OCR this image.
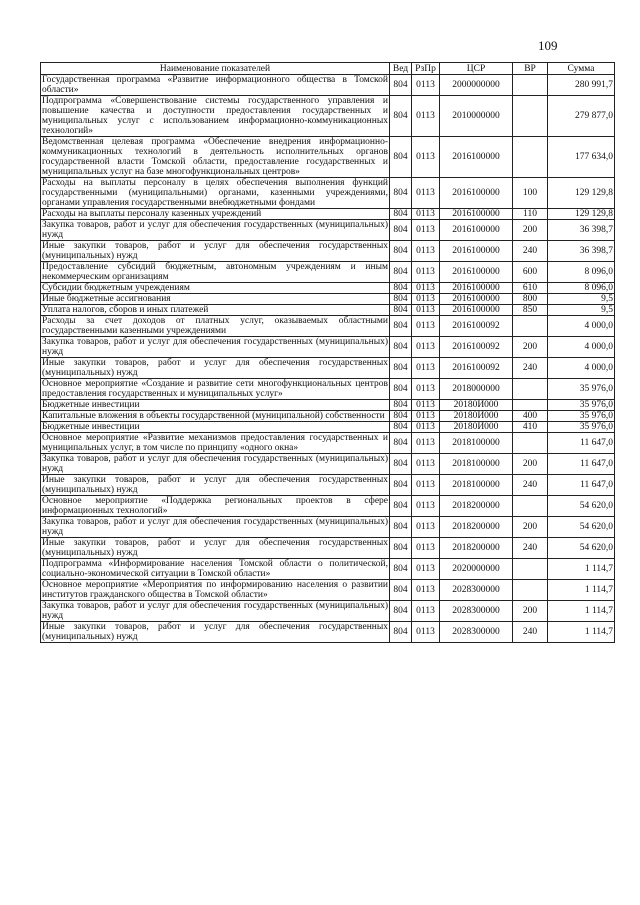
109
Наименование показателей	Вед	РзПр	ЦСР	ВР	Сумма
Государственная программа «Развитие информационного общества в Томской области»	804	0113	2000000000		280 991,7
Подпрограмма «Совершенствование системы государственного управления и повышение качества и доступности предоставления государственных и муниципальных услуг с использованием информационно-коммуникационных технологий»	804	0113	2010000000		279 877,0
Ведомственная целевая программа «Обеспечение внедрения информационно-коммуникационных технологий в деятельность исполнительных органов государственной власти Томской области, предоставление государственных и муниципальных услуг на базе многофункциональных центров»	804	0113	2016100000		177 634,0
Расходы на выплаты персоналу в целях обеспечения выполнения функций государственными (муниципальными) органами, казенными учреждениями, органами управления государственными внебюджетными фондами	804	0113	2016100000	100	129 129,8
Расходы на выплаты персоналу казенных учреждений	804	0113	2016100000	110	129 129,8
Закупка товаров, работ и услуг для обеспечения государственных (муниципальных) нужд	804	0113	2016100000	200	36 398,7
Иные закупки товаров, работ и услуг для обеспечения государственных (муниципальных) нужд	804	0113	2016100000	240	36 398,7
Предоставление субсидий бюджетным, автономным учреждениям и иным некоммерческим организациям	804	0113	2016100000	600	8 096,0
Субсидии бюджетным учреждениям	804	0113	2016100000	610	8 096,0
Иные бюджетные ассигнования	804	0113	2016100000	800	9,5
Уплата налогов, сборов и иных платежей	804	0113	2016100000	850	9,5
Расходы за счет доходов от платных услуг, оказываемых областными государственными казенными учреждениями	804	0113	2016100092		4 000,0
Закупка товаров, работ и услуг для обеспечения государственных (муниципальных) нужд	804	0113	2016100092	200	4 000,0
Иные закупки товаров, работ и услуг для обеспечения государственных (муниципальных) нужд	804	0113	2016100092	240	4 000,0
Основное мероприятие «Создание и развитие сети многофункциональных центров предоставления государственных и муниципальных услуг»	804	0113	2018000000		35 976,0
Бюджетные инвестиции	804	0113	20180И000		35 976,0
Капитальные вложения в объекты государственной (муниципальной) собственности	804	0113	20180И000	400	35 976,0
Бюджетные инвестиции	804	0113	20180И000	410	35 976,0
Основное мероприятие «Развитие механизмов предоставления государственных и муниципальных услуг, в том числе по принципу «одного окна»	804	0113	2018100000		11 647,0
Закупка товаров, работ и услуг для обеспечения государственных (муниципальных) нужд	804	0113	2018100000	200	11 647,0
Иные закупки товаров, работ и услуг для обеспечения государственных (муниципальных) нужд	804	0113	2018100000	240	11 647,0
Основное мероприятие «Поддержка региональных проектов в сфере информационных технологий»	804	0113	2018200000		54 620,0
Закупка товаров, работ и услуг для обеспечения государственных (муниципальных) нужд	804	0113	2018200000	200	54 620,0
Иные закупки товаров, работ и услуг для обеспечения государственных (муниципальных) нужд	804	0113	2018200000	240	54 620,0
Подпрограмма «Информирование населения Томской области о политической, социально-экономической ситуации в Томской области»	804	0113	2020000000		1 114,7
Основное мероприятие «Мероприятия по информированию населения о развитии институтов гражданского общества в Томской области»	804	0113	2028300000		1 114,7
Закупка товаров, работ и услуг для обеспечения государственных (муниципальных) нужд	804	0113	2028300000	200	1 114,7
Иные закупки товаров, работ и услуг для обеспечения государственных (муниципальных) нужд	804	0113	2028300000	240	1 114,7
